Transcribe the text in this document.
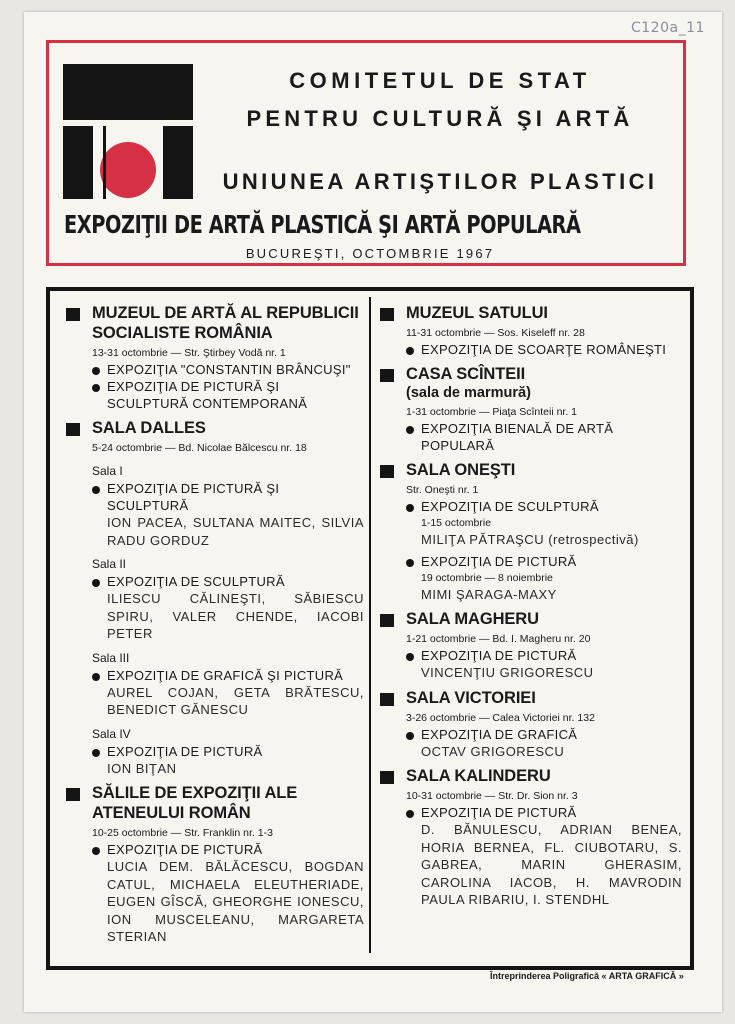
C120a_11
COMITETUL DE STAT
PENTRU CULTURĂ ŞI ARTĂ
UNIUNEA ARTIŞTILOR PLASTICI
EXPOZIŢII DE ARTĂ PLASTICĂ ŞI ARTĂ POPULARĂ
BUCUREŞTI, OCTOMBRIE 1967
MUZEUL DE ARTĂ AL REPUBLICII SOCIALISTE ROMÂNIA
13-31 octombrie — Str. Ştirbey Vodă nr. 1
EXPOZIŢIA "CONSTANTIN BRÂNCUŞI"
EXPOZIŢIA DE PICTURĂ ŞI SCULPTURĂ CONTEMPORANĂ
SALA DALLES
5-24 octombrie — Bd. Nicolae Bălcescu nr. 18
Sala I
EXPOZIŢIA DE PICTURĂ ŞI SCULPTURĂ
ION PACEA, SULTANA MAITEC, SILVIA RADU GORDUZ
Sala II
EXPOZIŢIA DE SCULPTURĂ
ILIESCU CĂLINEŞTI, SĂBIESCU SPIRU, VALER CHENDE, IACOBI PETER
Sala III
EXPOZIŢIA DE GRAFICĂ ŞI PICTURĂ
AUREL COJAN, GETA BRĂTESCU, BENEDICT GĂNESCU
Sala IV
EXPOZIŢIA DE PICTURĂ
ION BIŢAN
SĂLILE DE EXPOZIŢII ALE ATENEULUI ROMÂN
10-25 octombrie — Str. Franklin nr. 1-3
EXPOZIŢIA DE PICTURĂ
LUCIA DEM. BĂLĂCESCU, BOGDAN CATUL, MICHAELA ELEUTHERIADE, EUGEN GÎSCĂ, GHEORGHE IONESCU, ION MUSCELEANU, MARGARETA STERIAN
MUZEUL SATULUI
11-31 octombrie — Sos. Kiseleff nr. 28
EXPOZIŢIA DE SCOARŢE ROMÂNEŞTI
CASA SCÎNTEII
(sala de marmură)
1-31 octombrie — Piaţa Scînteii nr. 1
EXPOZIŢIA BIENALĂ DE ARTĂ POPULARĂ
SALA ONEŞTI
Str. Oneşti nr. 1
EXPOZIŢIA DE SCULPTURĂ
1-15 octombrie
MILIŢA PĂTRAŞCU (retrospectivă)
EXPOZIŢIA DE PICTURĂ
19 octombrie — 8 noiembrie
MIMI ŞARAGA-MAXY
SALA MAGHERU
1-21 octombrie — Bd. I. Magheru nr. 20
EXPOZIŢIA DE PICTURĂ
VINCENŢIU GRIGORESCU
SALA VICTORIEI
3-26 octombrie — Calea Victoriei nr. 132
EXPOZIŢIA DE GRAFICĂ
OCTAV GRIGORESCU
SALA KALINDERU
10-31 octombrie — Str. Dr. Sion nr. 3
EXPOZIŢIA DE PICTURĂ
D. BĂNULESCU, ADRIAN BENEA, HORIA BERNEA, FL. CIUBOTARU, S. GABREA, MARIN GHERASIM, CAROLINA IACOB, H. MAVRODIN PAULA RIBARIU, I. STENDHL
Întreprinderea Poligrafică « ARTA GRAFICĂ »
